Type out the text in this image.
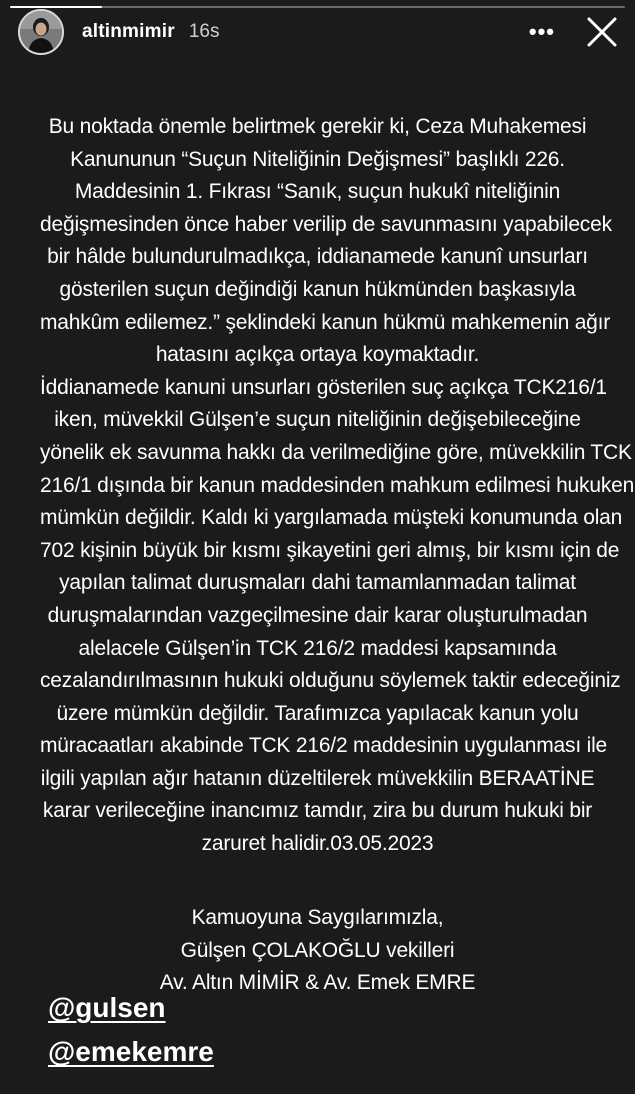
altinmimir 16s	•••
Bu noktada önemle belirtmek gerekir ki, Ceza Muhakemesi
Kanununun “Suçun Niteliğinin Değişmesi” başlıklı 226.
Maddesinin 1. Fıkrası “Sanık, suçun hukukî niteliğinin
değişmesinden önce haber verilip de savunmasını yapabilecek
bir hâlde bulundurulmadıkça, iddianamede kanunî unsurları
gösterilen suçun değindiği kanun hükmünden başkasıyla
mahkûm edilemez.” şeklindeki kanun hükmü mahkemenin ağır
hatasını açıkça ortaya koymaktadır.
İddianamede kanuni unsurları gösterilen suç açıkça TCK216/1
iken, müvekkil Gülşen’e suçun niteliğinin değişebileceğine
yönelik ek savunma hakkı da verilmediğine göre, müvekkilin TCK
216/1 dışında bir kanun maddesinden mahkum edilmesi hukuken
mümkün değildir. Kaldı ki yargılamada müşteki konumunda olan
702 kişinin büyük bir kısmı şikayetini geri almış, bir kısmı için de
yapılan talimat duruşmaları dahi tamamlanmadan talimat
duruşmalarından vazgeçilmesine dair karar oluşturulmadan
alelacele Gülşen’in TCK 216/2 maddesi kapsamında
cezalandırılmasının hukuki olduğunu söylemek taktir edeceğiniz
üzere mümkün değildir. Tarafımızca yapılacak kanun yolu
müracaatları akabinde TCK 216/2 maddesinin uygulanması ile
ilgili yapılan ağır hatanın düzeltilerek müvekkilin BERAATİNE
karar verileceğine inancımız tamdır, zira bu durum hukuki bir
zaruret halidir.03.05.2023
Kamuoyuna Saygılarımızla,
Gülşen ÇOLAKOĞLU vekilleri
Av. Altın MİMİR & Av. Emek EMRE
@gulsen
@emekemre
